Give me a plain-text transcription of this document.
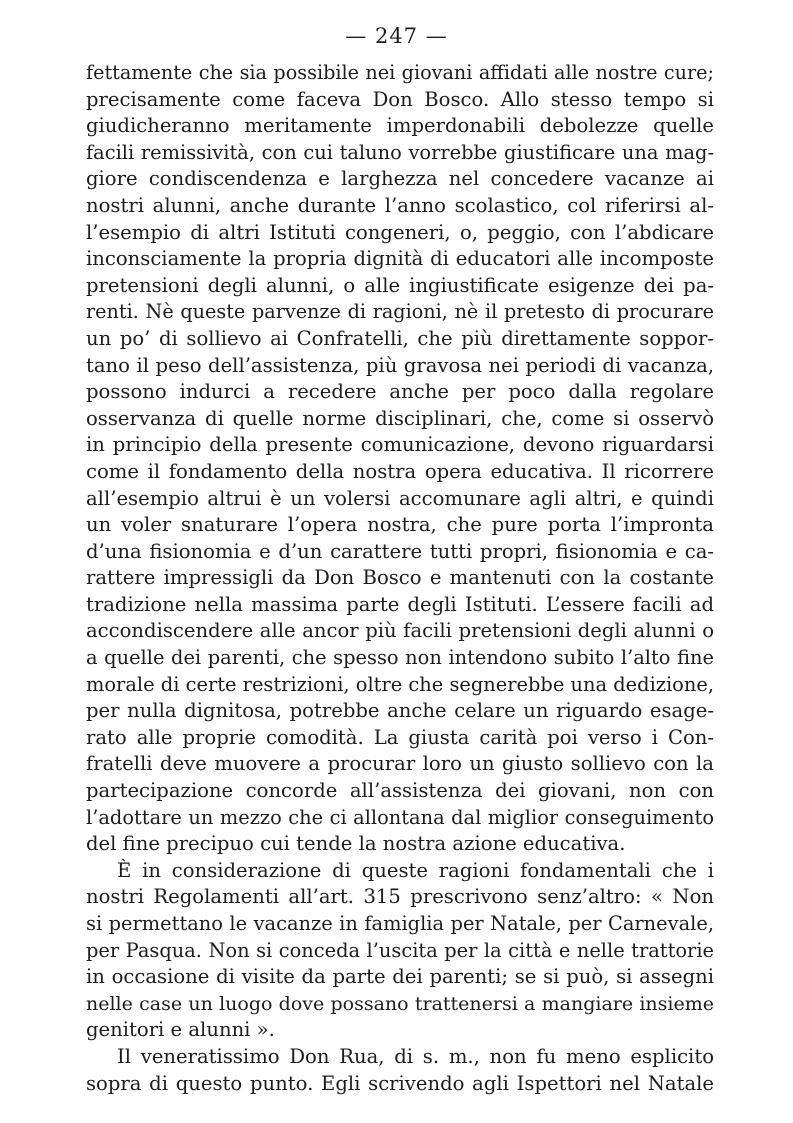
— 247 —
fettamente che sia possibile nei giovani affidati alle nostre cure;
precisamente come faceva Don Bosco. Allo stesso tempo si
giudicheranno meritamente imperdonabili debolezze quelle
facili remissività, con cui taluno vorrebbe giustificare una mag-
giore condiscendenza e larghezza nel concedere vacanze ai
nostri alunni, anche durante l’anno scolastico, col riferirsi al-
l’esempio di altri Istituti congeneri, o, peggio, con l’abdicare
inconsciamente la propria dignità di educatori alle incomposte
pretensioni degli alunni, o alle ingiustificate esigenze dei pa-
renti. Nè queste parvenze di ragioni, nè il pretesto di procurare
un po’ di sollievo ai Confratelli, che più direttamente soppor-
tano il peso dell’assistenza, più gravosa nei periodi di vacanza,
possono indurci a recedere anche per poco dalla regolare
osservanza di quelle norme disciplinari, che, come si osservò
in principio della presente comunicazione, devono riguardarsi
come il fondamento della nostra opera educativa. Il ricorrere
all’esempio altrui è un volersi accomunare agli altri, e quindi
un voler snaturare l’opera nostra, che pure porta l’impronta
d’una fisionomia e d’un carattere tutti propri, fisionomia e ca-
rattere impressigli da Don Bosco e mantenuti con la costante
tradizione nella massima parte degli Istituti. L’essere facili ad
accondiscendere alle ancor più facili pretensioni degli alunni o
a quelle dei parenti, che spesso non intendono subito l’alto fine
morale di certe restrizioni, oltre che segnerebbe una dedizione,
per nulla dignitosa, potrebbe anche celare un riguardo esage-
rato alle proprie comodità. La giusta carità poi verso i Con-
fratelli deve muovere a procurar loro un giusto sollievo con la
partecipazione concorde all’assistenza dei giovani, non con
l’adottare un mezzo che ci allontana dal miglior conseguimento
del fine precipuo cui tende la nostra azione educativa.
È in considerazione di queste ragioni fondamentali che i
nostri Regolamenti all’art. 315 prescrivono senz’altro: « Non
si permettano le vacanze in famiglia per Natale, per Carnevale,
per Pasqua. Non si conceda l’uscita per la città e nelle trattorie
in occasione di visite da parte dei parenti; se si può, si assegni
nelle case un luogo dove possano trattenersi a mangiare insieme
genitori e alunni ».
Il veneratissimo Don Rua, di s. m., non fu meno esplicito
sopra di questo punto. Egli scrivendo agli Ispettori nel Natale
